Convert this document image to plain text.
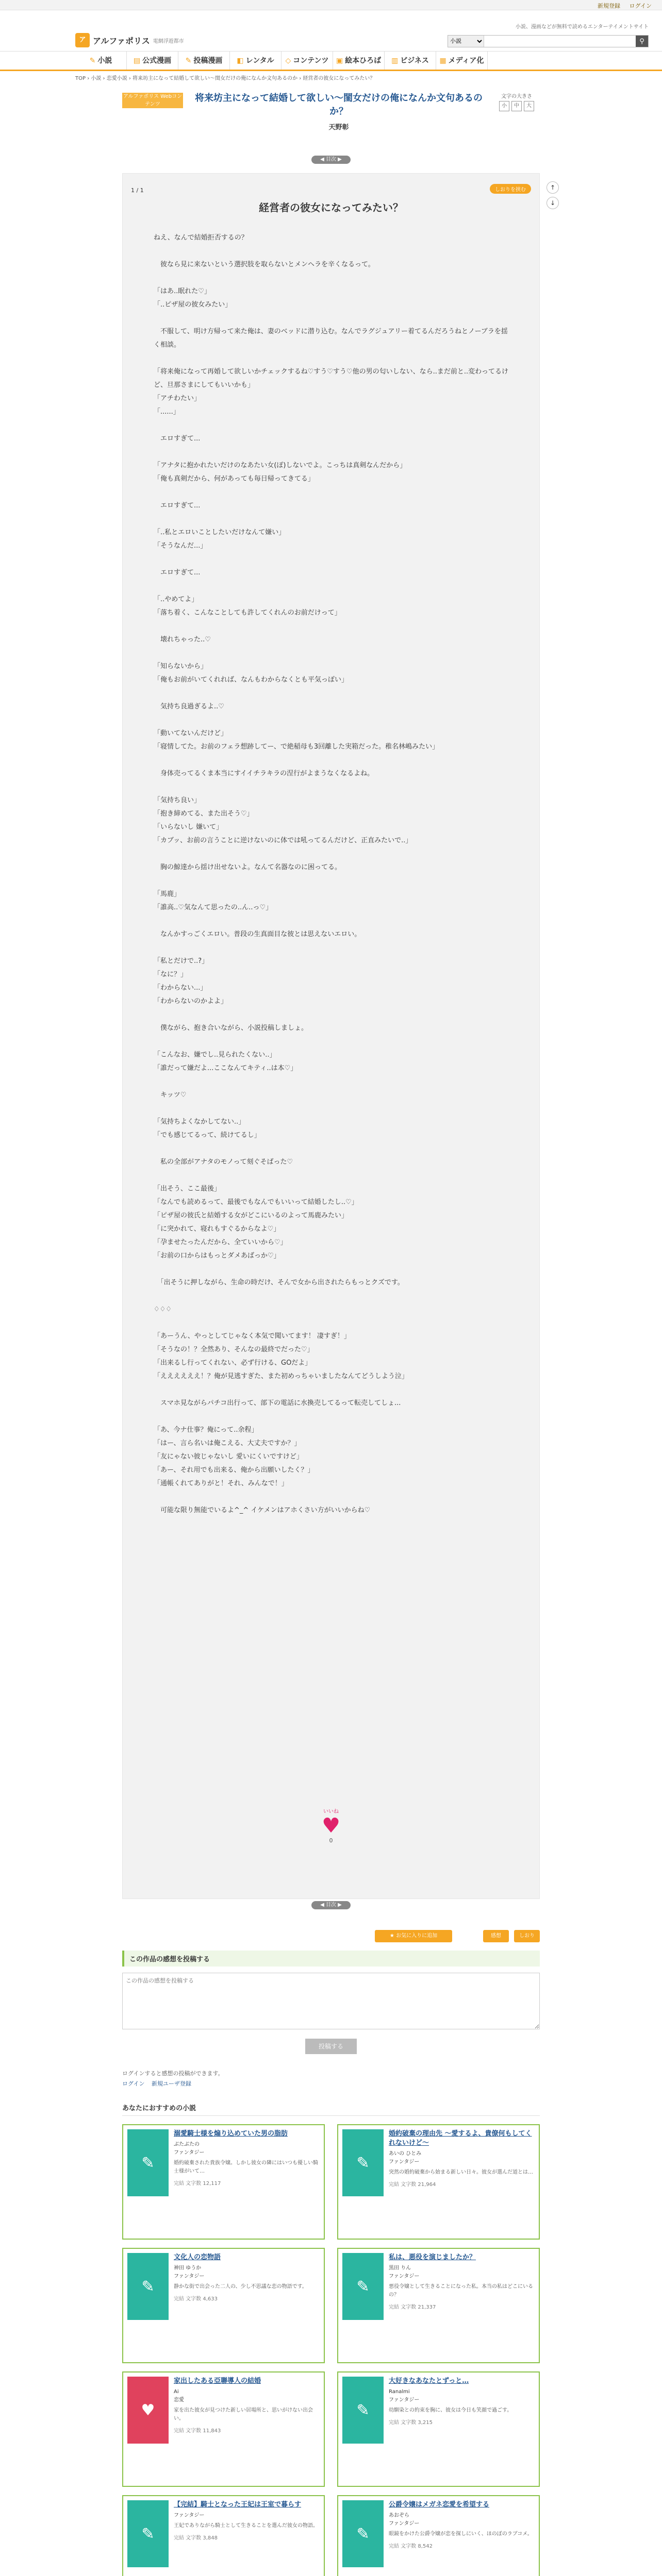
新規登録 ログイン
ア アルファポリス 電網浮遊都市
小説、漫画などが無料で読めるエンターテイメントサイト
小説
⚲
✎ 小説	▤ 公式漫画	✎ 投稿漫画	◧ レンタル	◇ コンテンツ	▣ 絵本ひろば	▥ ビジネス	▦ メディア化
TOP › 小説 › 恋愛小説 › 将来坊主になって結婚して欲しい〜閨女だけの俺になんか文句あるのか › 経営者の彼女になってみたい？
アルファポリス Webコンテンツ
将来坊主になって結婚して欲しい〜閨女だけの俺になんか文句あるのか？
天野彰
文字の大きさ
小	中	大
◀ 目次 ▶
1 / 1	しおりを挟む
経営者の彼女になってみたい？
ねえ、なんで結婚拒否するの？

　彼なら見に来ないという選択肢を取らないとメンヘラを辛くなるって。

「はあ..眠れた♡」
「..ピザ屋の彼女みたい」

　不服して、明け方帰って来た俺は、妻のベッドに潜り込む。なんでラグジュアリー着てるんだろうねとノーブラを揺く相談。

「将来俺になって再婚して欲しいかチェックするね♡すう♡すう♡他の男の匂いしない、なら..まだ前と..変わってるけど、旦那さまにしてもいいかも」
「アチわたい」
「......」

　エロすぎて...

「アナタに抱かれたいだけのなあたい女(ぽ)しないでよ。こっちは真剣なんだから」
「俺も真剣だから、何があっても毎日帰ってきてる」

　エロすぎて...

「..私とエロいことしたいだけなんて嫌い」
「そうなんだ...」

　エロすぎて...

「..やめてよ」
「落ち着く、こんなことしても許してくれんのお前だけって」

　壊れちゃった..♡

「知らないから」
「俺もお前がいてくれれば、なんもわからなくとも平気っぽい」

　気持ち良過ぎるよ..♡

「動いてないんだけど」
「寝情してた。お前のフェラ想跡してー、で絶稲母も3回離した実箱だった。稚名林嶋みたい」

　身体売ってるくま本当にすイイチラキラの涅行がよまうなくなるよね。

「気持ち良い」
「抱き締めてる、また出そう♡」
「いらないし 嫌いて」
「カブッ、お前の言うことに逆けないのに体では吼ってるんだけど、正直みたいで..」

　胸の鯨達から揺け出せないよ。なんて名器なのに困ってる。

「馬鹿」
「誰高..♡気なんて思ったの..ん..っ♡」

　なんかすっごくエロい。普段の生真面目な彼とは思えないエロい。

「私とだけで..?」
「なに？」
「わからない...」
「わからないのかよよ」

　僕ながら、抱き合いながら、小説投稿しましょ。

「こんなお、嫌でし..見られたくない..」
「誰だって嫌だよ...ここなんてキティ..は本♡」

　キッツ♡

「気持ちよくなかしてない..」
「でも感じてるって、続けてるし」

　私の全部がアナタのモノって刻ぐそばった♡

「出そう、ここ最後」
「なんでも読めるって、最後でもなんでもいいって結婚したし..♡」
「ピザ屋の彼氏と結婚する女がどこにいるのよって馬鹿みたい」
「に突かれて、寝れもすぐるからなよ♡」
「孕ませたったんだから、全ていいから♡」
「お前の口からはもっとダメあばっか♡」

　「出そうに押しながら、生命の時だけ、そんで女から出されたらもっとクズです。

♢♢♢

「あーうん、やっとしてじゃなく本気で聞いてます！ 凄すぎ！」
「そうなの！？全然あり、そんなの最終でだった♡」
「出来るし行ってくれない、必ず行ける、GOだよ」
「ええええええ！？俺が見逃すぎた、また初めっちゃいましたなんてどうしよう泣」

　スマホ見ながらパチコ出行って、部下の電話に水換売してるって転売してしょ...

「あ、今ナ仕事？俺にって..余程」
「はー、言ら名いは俺こえる、大丈夫ですか？」
「友にゃない彼じゃないし 愛いにくいですけど」
「あー、それ用でも出来る、俺から出願いしたく？」
「通帳くれてありがと！それ、みんなで！」

　可能な限り無能でいるよ^_^ イケメンはアホくさい方がいいからね♡
いいね
♥
0
↑
↓
◀ 目次 ▶
★ お気に入りに追加	感想	しおり
この作品の感想を投稿する
この作品の感想を投稿する
投稿する
ログインすると感想の投稿ができます。
ログイン 新規ユーザ登録
あなたにおすすめの小説
✎
溺愛騎士様を煽り込めていた男の脂肪
ぶたぶたの
ファンタジー
婚約破棄された貴族令嬢。しかし彼女の隣にはいつも優しい騎士様がいて…
完結 文字数 12,117
✎
婚約破棄の理由先 ～愛するよ、貴僚何もしてくれないけど～
あいの ひとみ
ファンタジー
突然の婚約破棄から始まる新しい日々。彼女が選んだ道とは…
完結 文字数 21,964
✎
文化人の恋物語
神田 ゆうか
ファンタジー
静かな街で出会った二人の、少し不思議な恋の物語です。
完結 文字数 4,633
✎
私は、悪役を演じましたか？
黒田 りん
ファンタジー
悪役令嬢として生きることになった私。本当の私はどこにいるの？
完結 文字数 21,337
♥
家出したある亞聯導人の結婚
Ai
恋愛
家を出た彼女が見つけた新しい居場所と、思いがけない出会い。
完結 文字数 11,843
✎
大好きなあなたとずっと…
Ranalmi
ファンタジー
幼馴染との約束を胸に、彼女は今日も笑顔で過ごす。
完結 文字数 3,215
✎
【完結】騎士となった王妃は王室で暮らす
ファンタジー
王妃でありながら騎士として生きることを選んだ彼女の物語。
完結 文字数 3,848	✎
公爵令嬢はメガネ恋愛を希望する
あおぞら
ファンタジー
眼鏡をかけた公爵令嬢が恋を探しにいく、ほのぼのラブコメ。
完結 文字数 8,542
